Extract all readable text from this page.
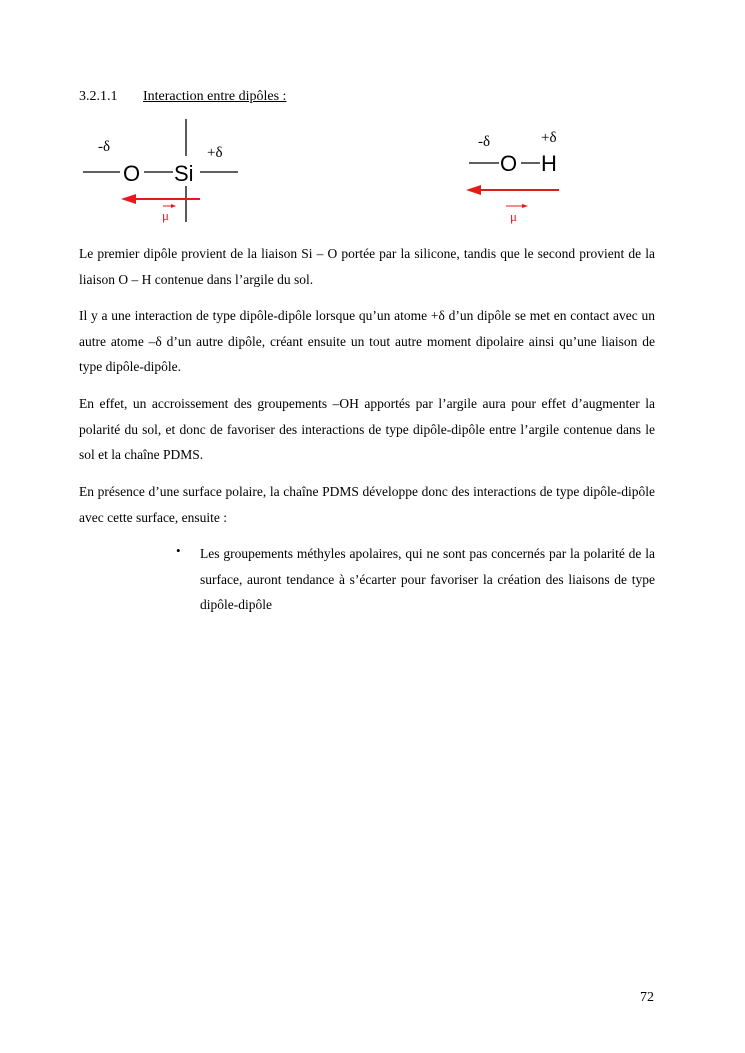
3.2.1.1 Interaction entre dipôles :
-δ	+δ
O Si
μ
-δ	+δ
O H
μ

Le premier dipôle provient de la liaison Si – O portée par la silicone, tandis que le second provient de la liaison O – H contenue dans l’argile du sol.

Il y a une interaction de type dipôle-dipôle lorsque qu’un atome +δ d’un dipôle se met en contact avec un autre atome –δ d’un autre dipôle, créant ensuite un tout autre moment dipolaire ainsi qu’une liaison de type dipôle-dipôle.

En effet, un accroissement des groupements –OH apportés par l’argile aura pour effet d’augmenter la polarité du sol, et donc de favoriser des interactions de type dipôle-dipôle entre l’argile contenue dans le sol et la chaîne PDMS.

En présence d’une surface polaire, la chaîne PDMS développe donc des interactions de type dipôle-dipôle avec cette surface, ensuite :

• Les groupements méthyles apolaires, qui ne sont pas concernés par la polarité de la surface, auront tendance à s’écarter pour favoriser la création des liaisons de type dipôle-dipôle

72
